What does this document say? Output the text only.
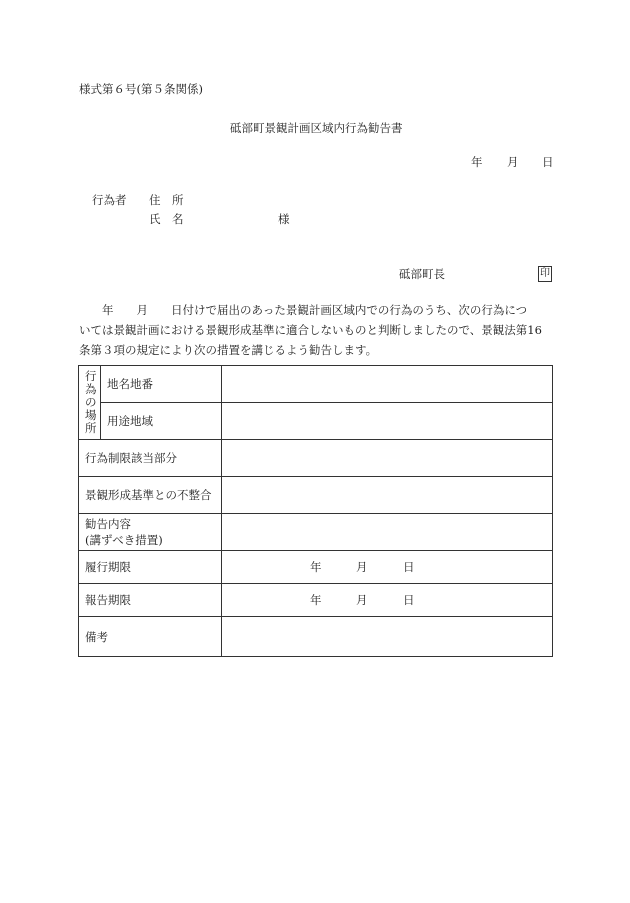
様式第６号(第５条関係)
砥部町景観計画区域内行為勧告書
年 月 日
行為者 住　所
氏　名	様
砥部町長	印
　　年　　月　　日付けで届出のあった景観計画区域内での行為のうち、次の行為につ
いては景観計画における景観形成基準に適合しないものと判断しましたので、景観法第16
条第３項の規定により次の措置を講じるよう勧告します。
行
為
の
場
所	地名地番	
	用途地域	
行為制限該当部分		
景観形成基準との不整合		

勧告内容
(講ずべき措置)		

履行期限		年 月 日

報告期限		年 月 日

備考		
